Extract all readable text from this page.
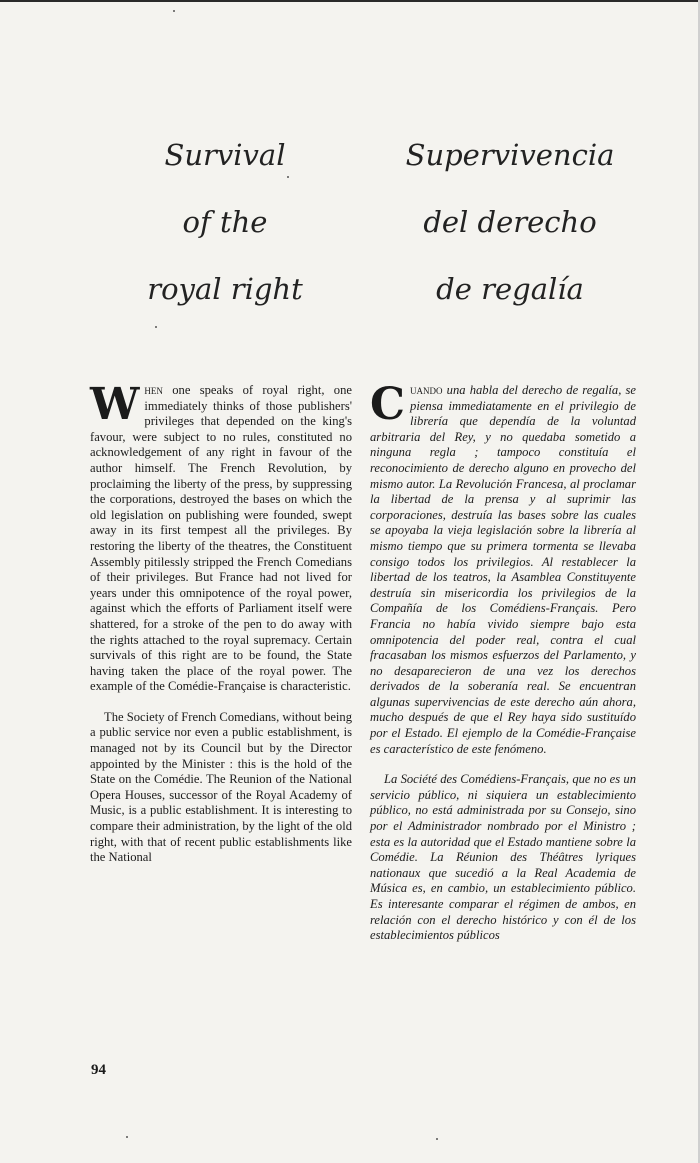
Survival
of the
royal right
Supervivencia
del derecho
de regalía

When one speaks of royal right, one immediately thinks of those publishers' privileges that depended on the king's favour, were subject to no rules, constituted no acknowledgement of any right in favour of the author himself. The French Revolution, by proclaiming the liberty of the press, by suppressing the corporations, destroyed the bases on which the old legislation on publishing were founded, swept away in its first tempest all the privileges. By restoring the liberty of the theatres, the Constituent Assembly pitilessly stripped the French Comedians of their privileges. But France had not lived for years under this omnipotence of the royal power, against which the efforts of Parliament itself were shattered, for a stroke of the pen to do away with the rights attached to the royal supremacy. Certain survivals of this right are to be found, the State having taken the place of the royal power. The example of the Comédie-Française is characteristic.

The Society of French Comedians, without being a public service nor even a public establishment, is managed not by its Council but by the Director appointed by the Minister : this is the hold of the State on the Comédie. The Reunion of the National Opera Houses, successor of the Royal Academy of Music, is a public establishment. It is interesting to compare their administration, by the light of the old right, with that of recent public establishments like the National

Cuando una habla del derecho de regalía, se piensa immediatamente en el privilegio de librería que dependía de la voluntad arbitraria del Rey, y no quedaba sometido a ninguna regla ; tampoco constituía el reconocimiento de derecho alguno en provecho del mismo autor. La Revolución Francesa, al proclamar la libertad de la prensa y al suprimir las corporaciones, destruía las bases sobre las cuales se apoyaba la vieja legislación sobre la librería al mismo tiempo que su primera tormenta se llevaba consigo todos los privilegios. Al restablecer la libertad de los teatros, la Asamblea Constituyente destruía sin misericordia los privilegios de la Compañía de los Comédiens-Français. Pero Francia no había vivido siempre bajo esta omnipotencia del poder real, contra el cual fracasaban los mismos esfuerzos del Parlamento, y no desaparecieron de una vez los derechos derivados de la soberanía real. Se encuentran algunas supervivencias de este derecho aún ahora, mucho después de que el Rey haya sido sustituído por el Estado. El ejemplo de la Comédie-Française es característico de este fenómeno.

La Société des Comédiens-Français, que no es un servicio público, ni siquiera un establecimiento público, no está administrada por su Consejo, sino por el Administrador nombrado por el Ministro ; esta es la autoridad que el Estado mantiene sobre la Comédie. La Réunion des Théâtres lyriques nationaux que sucedió a la Real Academia de Música es, en cambio, un establecimiento público. Es interesante comparar el régimen de ambos, en relación con el derecho histórico y con él de los establecimientos públicos

94
